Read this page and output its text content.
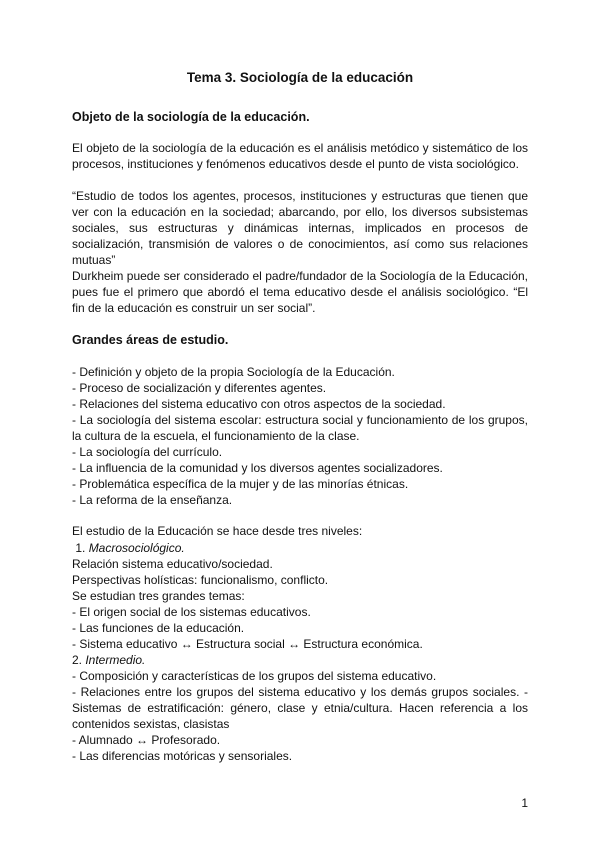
Tema 3. Sociología de la educación
Objeto de la sociología de la educación.
El objeto de la sociología de la educación es el análisis metódico y sistemático de los procesos, instituciones y fenómenos educativos desde el punto de vista sociológico.
“Estudio de todos los agentes, procesos, instituciones y estructuras que tienen que ver con la educación en la sociedad; abarcando, por ello, los diversos subsistemas sociales, sus estructuras y dinámicas internas, implicados en procesos de socialización, transmisión de valores o de conocimientos, así como sus relaciones mutuas”
Durkheim puede ser considerado el padre/fundador de la Sociología de la Educación, pues fue el primero que abordó el tema educativo desde el análisis sociológico. “El fin de la educación es construir un ser social”.
Grandes áreas de estudio.
- Definición y objeto de la propia Sociología de la Educación.
- Proceso de socialización y diferentes agentes.
- Relaciones del sistema educativo con otros aspectos de la sociedad.
- La sociología del sistema escolar: estructura social y funcionamiento de los grupos, la cultura de la escuela, el funcionamiento de la clase.
- La sociología del currículo.
- La influencia de la comunidad y los diversos agentes socializadores.
- Problemática específica de la mujer y de las minorías étnicas.
- La reforma de la enseñanza.
El estudio de la Educación se hace desde tres niveles:
1. Macrosociológico.
Relación sistema educativo/sociedad.
Perspectivas holísticas: funcionalismo, conflicto.
Se estudian tres grandes temas:
- El origen social de los sistemas educativos.
- Las funciones de la educación.
- Sistema educativo ↔ Estructura social ↔ Estructura económica.
2. Intermedio.
- Composición y características de los grupos del sistema educativo.
- Relaciones entre los grupos del sistema educativo y los demás grupos sociales. - Sistemas de estratificación: género, clase y etnia/cultura. Hacen referencia a los contenidos sexistas, clasistas
- Alumnado ↔ Profesorado.
- Las diferencias motóricas y sensoriales.
1
